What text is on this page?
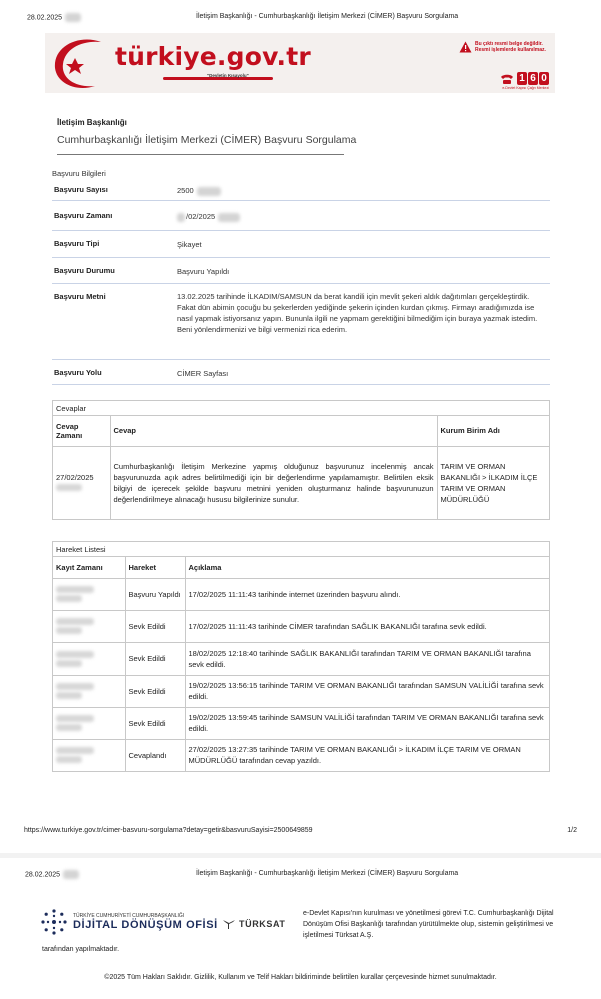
28.02.2025	İletişim Başkanlığı - Cumhurbaşkanlığı İletişim Merkezi (CİMER) Başvuru Sorgulama
türkiye.gov.tr
"Devletin Kısayolu"
Bu çıktı resmi belge değildir.
Resmi işlemlerde kullanılmaz.
1 6 0
e-Devlet Kapısı Çağrı Merkezi
İletişim Başkanlığı
Cumhurbaşkanlığı İletişim Merkezi (CİMER) Başvuru Sorgulama
Başvuru Bilgileri
Başvuru Sayısı	2500
Başvuru Zamanı	/02/2025
Başvuru Tipi	Şikayet
Başvuru Durumu	Başvuru Yapıldı
Başvuru Metni	13.02.2025 tarihinde İLKADIM/SAMSUN da berat kandili için mevlit şekeri aldık dağıtımları gerçekleştirdik. Fakat dün abimin çocuğu bu şekerlerden yediğinde şekerin içinden kurdan çıkmış. Firmayı aradığımızda ise nasıl yapmak istiyorsanız yapın. Bununla ilgili ne yapmam gerektiğini bilmediğim için buraya yazmak istedim. Beni yönlendirmenizi ve bilgi vermenizi rica ederim.
Başvuru Yolu	CİMER Sayfası
Cevaplar
Cevap Zamanı	Cevap	Kurum Birim Adı
27/02/2025	Cumhurbaşkanlığı İletişim Merkezine yapmış olduğunuz başvurunuz incelenmiş ancak başvurunuzda açık adres belirtilmediği için bir değerlendirme yapılamamıştır. Belirtilen eksik bilgiyi de içerecek şekilde başvuru metnini yeniden oluşturmanız halinde başvurunuzun değerlendirilmeye alınacağı hususu bilgilerinize sunulur.	TARIM VE ORMAN BAKANLIĞI > İLKADIM İLÇE TARIM VE ORMAN MÜDÜRLÜĞÜ
Hareket Listesi
Kayıt Zamanı	Hareket	Açıklama

	Başvuru Yapıldı	17/02/2025 11:11:43 tarihinde internet üzerinden başvuru alındı.

	Sevk Edildi	17/02/2025 11:11:43 tarihinde CİMER tarafından SAĞLIK BAKANLIĞI tarafına sevk edildi.

	Sevk Edildi	18/02/2025 12:18:40 tarihinde SAĞLIK BAKANLIĞI tarafından TARIM VE ORMAN BAKANLIĞI tarafına sevk edildi.

	Sevk Edildi	19/02/2025 13:56:15 tarihinde TARIM VE ORMAN BAKANLIĞI tarafından SAMSUN VALİLİĞİ tarafına sevk edildi.

	Sevk Edildi	19/02/2025 13:59:45 tarihinde SAMSUN VALİLİĞİ tarafından TARIM VE ORMAN BAKANLIĞI tarafına sevk edildi.

	Cevaplandı	27/02/2025 13:27:35 tarihinde TARIM VE ORMAN BAKANLIĞI > İLKADIM İLÇE TARIM VE ORMAN MÜDÜRLÜĞÜ tarafından cevap yazıldı.
https://www.turkiye.gov.tr/cimer-basvuru-sorgulama?detay=getir&basvuruSayisi=2500649859	1/2
28.02.2025	İletişim Başkanlığı - Cumhurbaşkanlığı İletişim Merkezi (CİMER) Başvuru Sorgulama
TÜRKİYE CUMHURİYETİ CUMHURBAŞKANLIĞI
DİJİTAL DÖNÜŞÜM OFİSİ TÜRKSAT
e-Devlet Kapısı'nın kurulması ve yönetilmesi görevi T.C. Cumhurbaşkanlığı Dijital Dönüşüm Ofisi Başkanlığı tarafından yürütülmekte olup, sistemin geliştirilmesi ve işletilmesi Türksat A.Ş.
tarafından yapılmaktadır.
©2025 Tüm Hakları Saklıdır. Gizlilik, Kullanım ve Telif Hakları bildiriminde belirtilen kurallar çerçevesinde hizmet sunulmaktadır.
